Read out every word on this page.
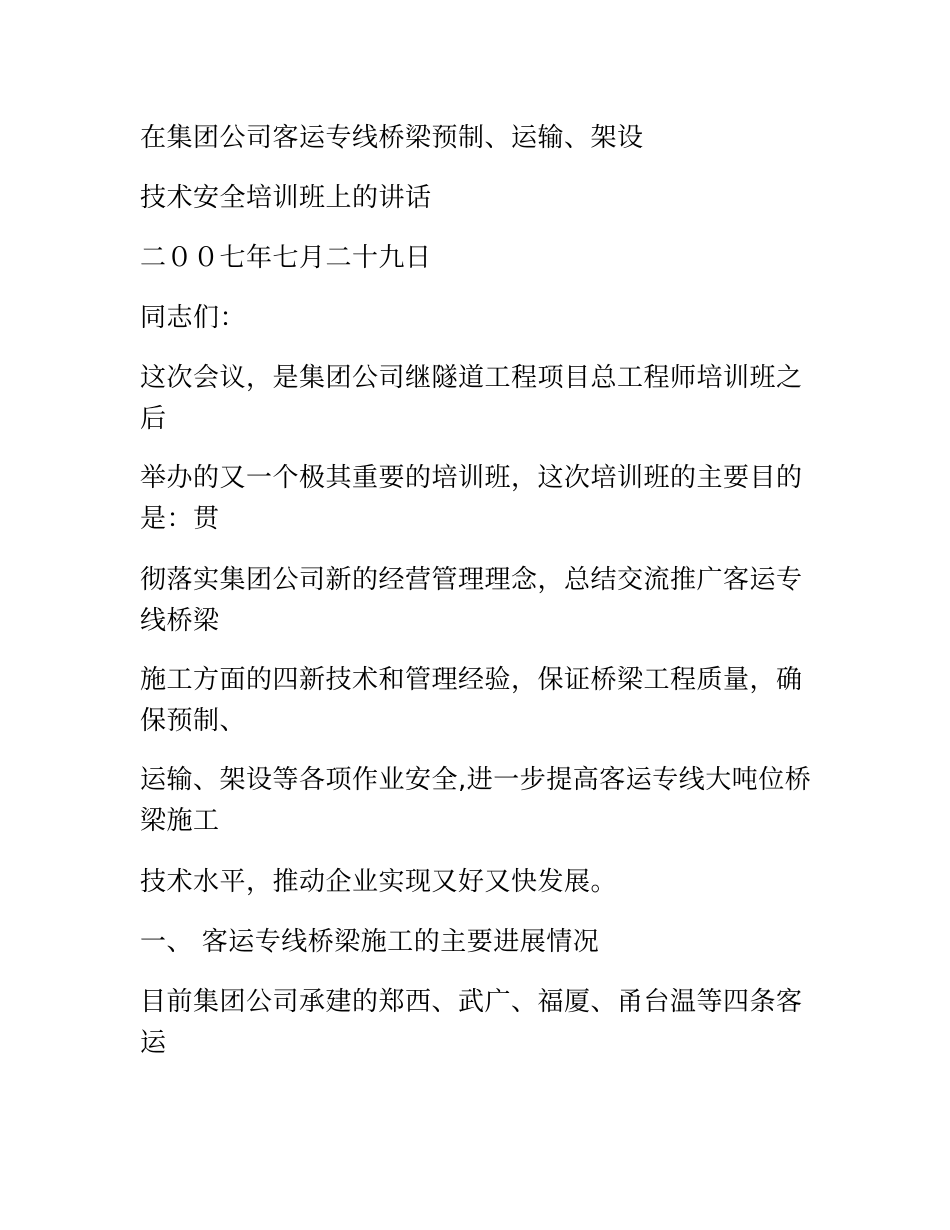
在集团公司客运专线桥梁预制、运输、架设

技术安全培训班上的讲话

二００七年七月二十九日

同志们：

这次会议，是集团公司继隧道工程项目总工程师培训班之后

举办的又一个极其重要的培训班，这次培训班的主要目的是：贯

彻落实集团公司新的经营管理理念，总结交流推广客运专线桥梁

施工方面的四新技术和管理经验，保证桥梁工程质量，确保预制、

运输、架设等各项作业安全,进一步提高客运专线大吨位桥梁施工

技术水平，推动企业实现又好又快发展。

一、 客运专线桥梁施工的主要进展情况

目前集团公司承建的郑西、武广、福厦、甬台温等四条客运
